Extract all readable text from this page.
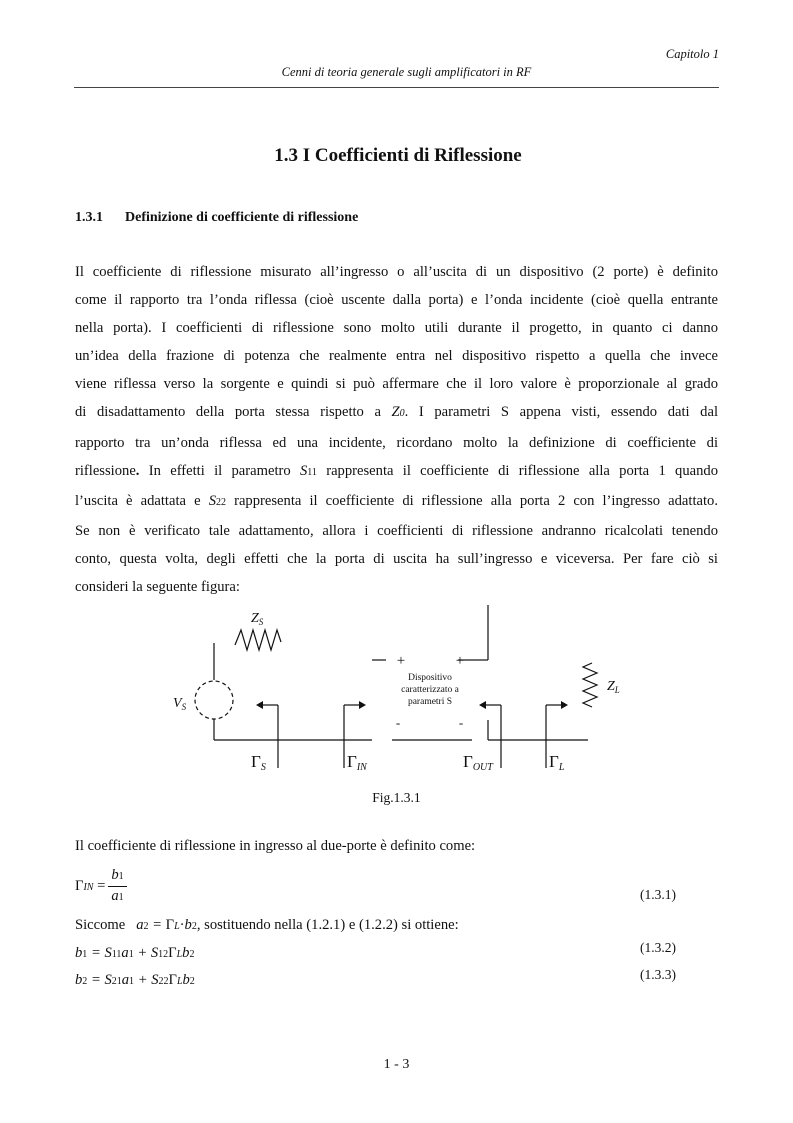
Capitolo 1
Cenni di teoria generale sugli amplificatori in RF
1.3 I Coefficienti di Riflessione
1.3.1 Definizione di coefficiente di riflessione
Il coefficiente di riflessione misurato all’ingresso o all’uscita di un dispositivo (2 porte) è definito
come il rapporto tra l’onda riflessa (cioè uscente dalla porta) e l’onda incidente (cioè quella entrante
nella porta). I coefficienti di riflessione sono molto utili durante il progetto, in quanto ci danno
un’idea della frazione di potenza che realmente entra nel dispositivo rispetto a quella che invece
viene riflessa verso la sorgente e quindi si può affermare che il loro valore è proporzionale al grado
di disadattamento della porta stessa rispetto a Z0. I parametri S appena visti, essendo dati dal
rapporto tra un’onda riflessa ed una incidente, ricordano molto la definizione di coefficiente di
riflessione. In effetti il parametro S11 rappresenta il coefficiente di riflessione alla porta 1 quando
l’uscita è adattata e S22 rappresenta il coefficiente di riflessione alla porta 2 con l’ingresso adattato.
Se non è verificato tale adattamento, allora i coefficienti di riflessione andranno ricalcolati tenendo
conto, questa volta, degli effetti che la porta di uscita ha sull’ingresso e viceversa. Per fare ciò si
consideri la seguente figura:
$Z_S$
$V_S$
+	+
-	-
Dispositivo
caratterizzato a
parametri S
$Z_L$
ΓS	ΓIN	ΓOUT	ΓL
Fig.1.3.1
Il coefficiente di riflessione in ingresso al due-porte è definito come:
$\Gamma IN = \frac{b1}{a1}$	(1.3.1)
Siccome a2 = ΓL·b2, sostituendo nella (1.2.1) e (1.2.2) si ottiene:
b1 = S11a1 + S12ΓLb2	(1.3.2)
b2 = S21a1 + S22ΓLb2	(1.3.3)
1 - 3
